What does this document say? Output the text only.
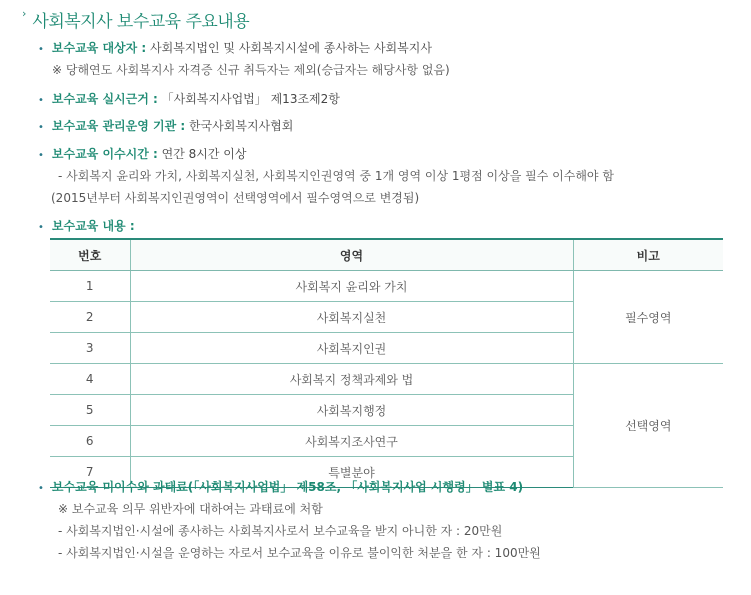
› 사회복지사 보수교육 주요내용
• 보수교육 대상자 : 사회복지법인 및 사회복지시설에 종사하는 사회복지사
※ 당해연도 사회복지사 자격증 신규 취득자는 제외(승급자는 해당사항 없음)
• 보수교육 실시근거 : 「사회복지사업법」 제13조제2항
• 보수교육 관리운영 기관 : 한국사회복지사협회
• 보수교육 이수시간 : 연간 8시간 이상
- 사회복지 윤리와 가치, 사회복지실천, 사회복지인권영역 중 1개 영역 이상 1평점 이상을 필수 이수해야 함
(2015년부터 사회복지인권영역이 선택영역에서 필수영역으로 변경됨)
• 보수교육 내용 :
번호	영역	비고
1	사회복지 윤리와 가치	필수영역
2	사회복지실천	
3	사회복지인권	
4	사회복지 정책과제와 법	선택영역
5	사회복지행정	
6	사회복지조사연구	
7	특별분야	
• 보수교육 미이수와 과태료(「사회복지사업법」 제58조, 「사회복지사업 시행령」 별표 4)
※ 보수교육 의무 위반자에 대하여는 과태료에 처함
- 사회복지법인·시설에 종사하는 사회복지사로서 보수교육을 받지 아니한 자 : 20만원
- 사회복지법인·시설을 운영하는 자로서 보수교육을 이유로 불이익한 처분을 한 자 : 100만원
